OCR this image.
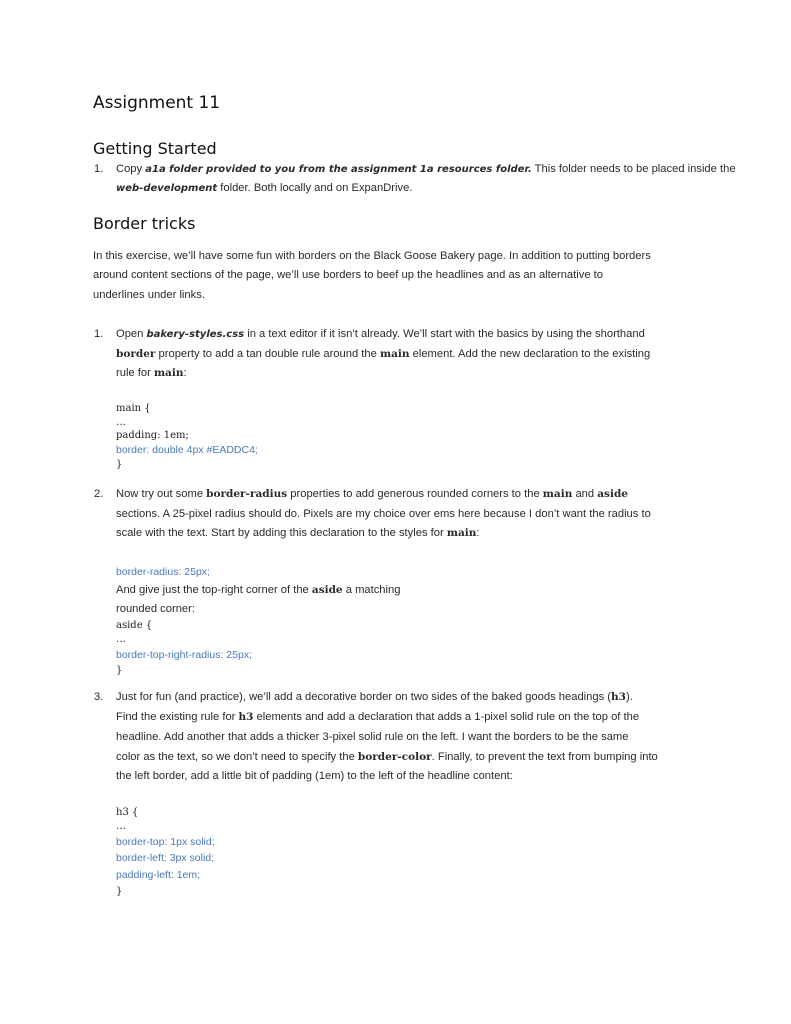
Assignment 11
Getting Started
1. Copy a1a folder provided to you from the assignment 1a resources folder. This folder needs to be placed inside the
web-development folder. Both locally and on ExpanDrive.
Border tricks
In this exercise, we’ll have some fun with borders on the Black Goose Bakery page. In addition to putting borders
around content sections of the page, we’ll use borders to beef up the headlines and as an alternative to
underlines under links.
1. Open bakery-styles.css in a text editor if it isn’t already. We’ll start with the basics by using the shorthand
border property to add a tan double rule around the main element. Add the new declaration to the existing
rule for main:
main {
…
padding: 1em;
border: double 4px #EADDC4;
}
2. Now try out some border-radius properties to add generous rounded corners to the main and aside
sections. A 25-pixel radius should do. Pixels are my choice over ems here because I don’t want the radius to
scale with the text. Start by adding this declaration to the styles for main:
border-radius: 25px;
And give just the top-right corner of the aside a matching
rounded corner:
aside {
…
border-top-right-radius: 25px;
}
3. Just for fun (and practice), we’ll add a decorative border on two sides of the baked goods headings (h3).
Find the existing rule for h3 elements and add a declaration that adds a 1-pixel solid rule on the top of the
headline. Add another that adds a thicker 3-pixel solid rule on the left. I want the borders to be the same
color as the text, so we don’t need to specify the border-color. Finally, to prevent the text from bumping into
the left border, add a little bit of padding (1em) to the left of the headline content:
h3 {
…
border-top: 1px solid;
border-left: 3px solid;
padding-left: 1em;
}
